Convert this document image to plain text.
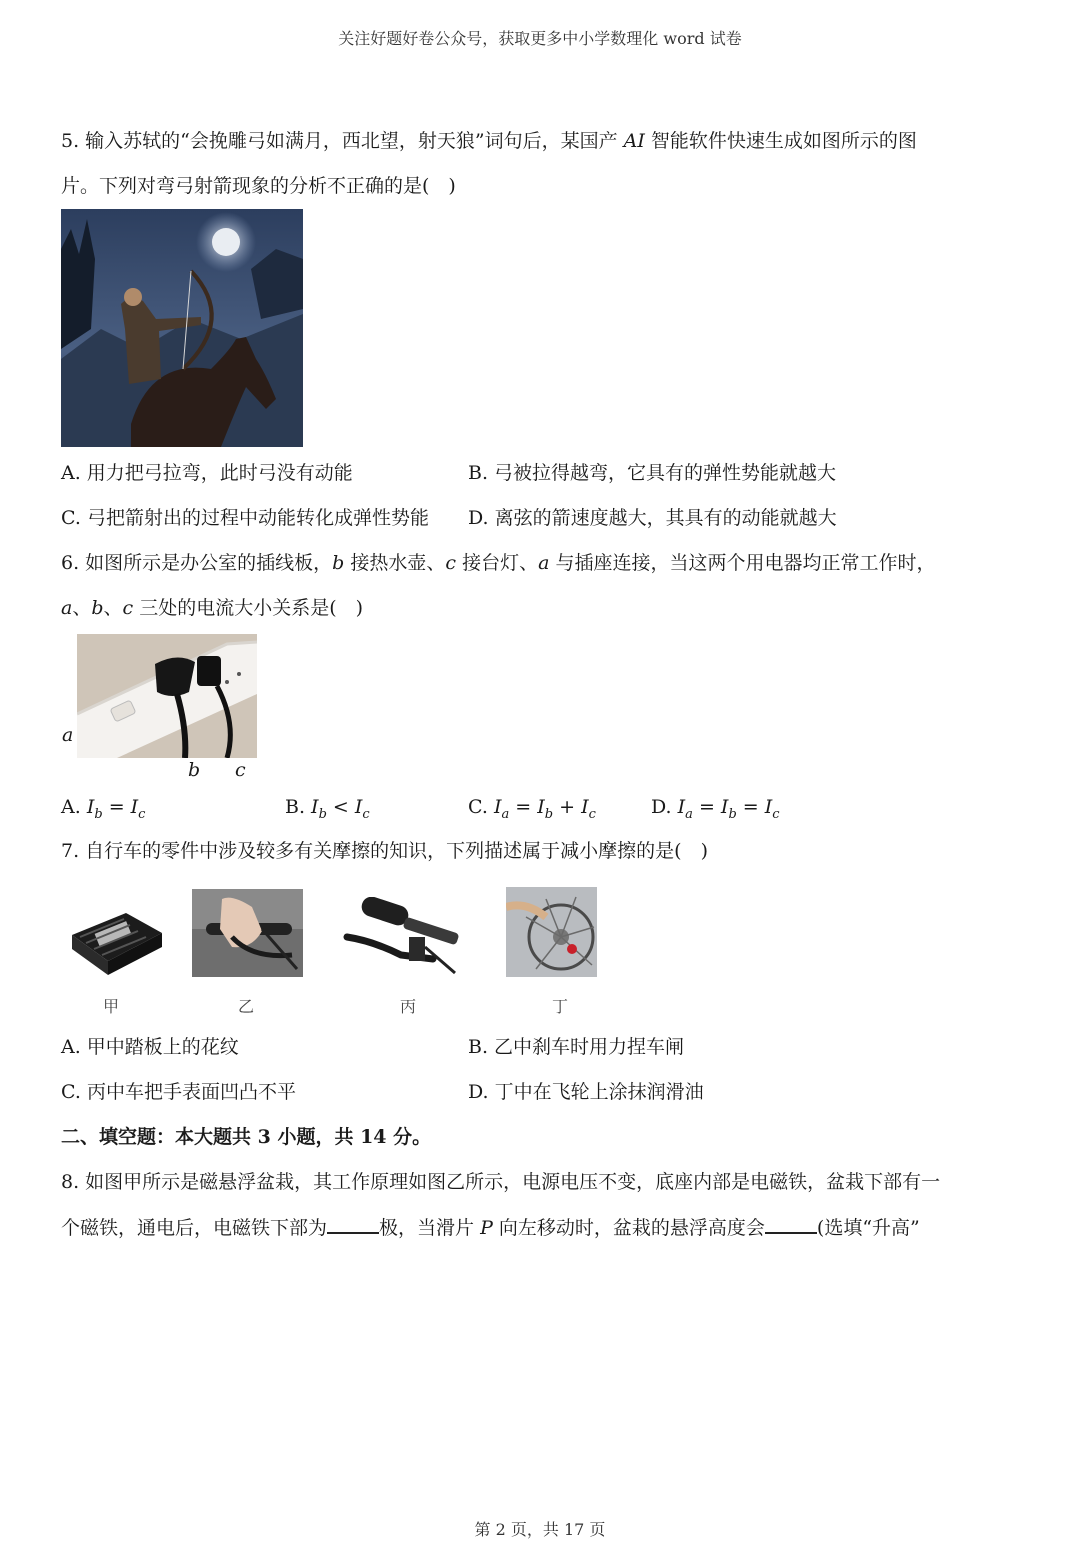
关注好题好卷公众号，获取更多中小学数理化 word 试卷
5. 输入苏轼的“会挽雕弓如满月，西北望，射天狼”词句后，某国产 AI 智能软件快速生成如图所示的图
片。下列对弯弓射箭现象的分析不正确的是(　)
A. 用力把弓拉弯，此时弓没有动能	B. 弓被拉得越弯，它具有的弹性势能就越大
C. 弓把箭射出的过程中动能转化成弹性势能 D. 离弦的箭速度越大，其具有的动能就越大
6. 如图所示是办公室的插线板，b 接热水壶、c 接台灯、a 与插座连接，当这两个用电器均正常工作时，
a、b、c 三处的电流大小关系是(　)
a
b c
A. $I_b = I_c$	B. $I_b < I_c$	C. $I_a = I_b + I_c$	D. $I_a = I_b = I_c$
7. 自行车的零件中涉及较多有关摩擦的知识，下列描述属于减小摩擦的是(　)
甲	乙	丙	丁
A. 甲中踏板上的花纹	B. 乙中刹车时用力捏车闸
C. 丙中车把手表面凹凸不平	D. 丁中在飞轮上涂抹润滑油
二、填空题：本大题共 3 小题，共 14 分。
8. 如图甲所示是磁悬浮盆栽，其工作原理如图乙所示，电源电压不变，底座内部是电磁铁，盆栽下部有一
个磁铁，通电后，电磁铁下部为	极，当滑片 P 向左移动时，盆栽的悬浮高度会	(选填“升高”
第 2 页，共 17 页
